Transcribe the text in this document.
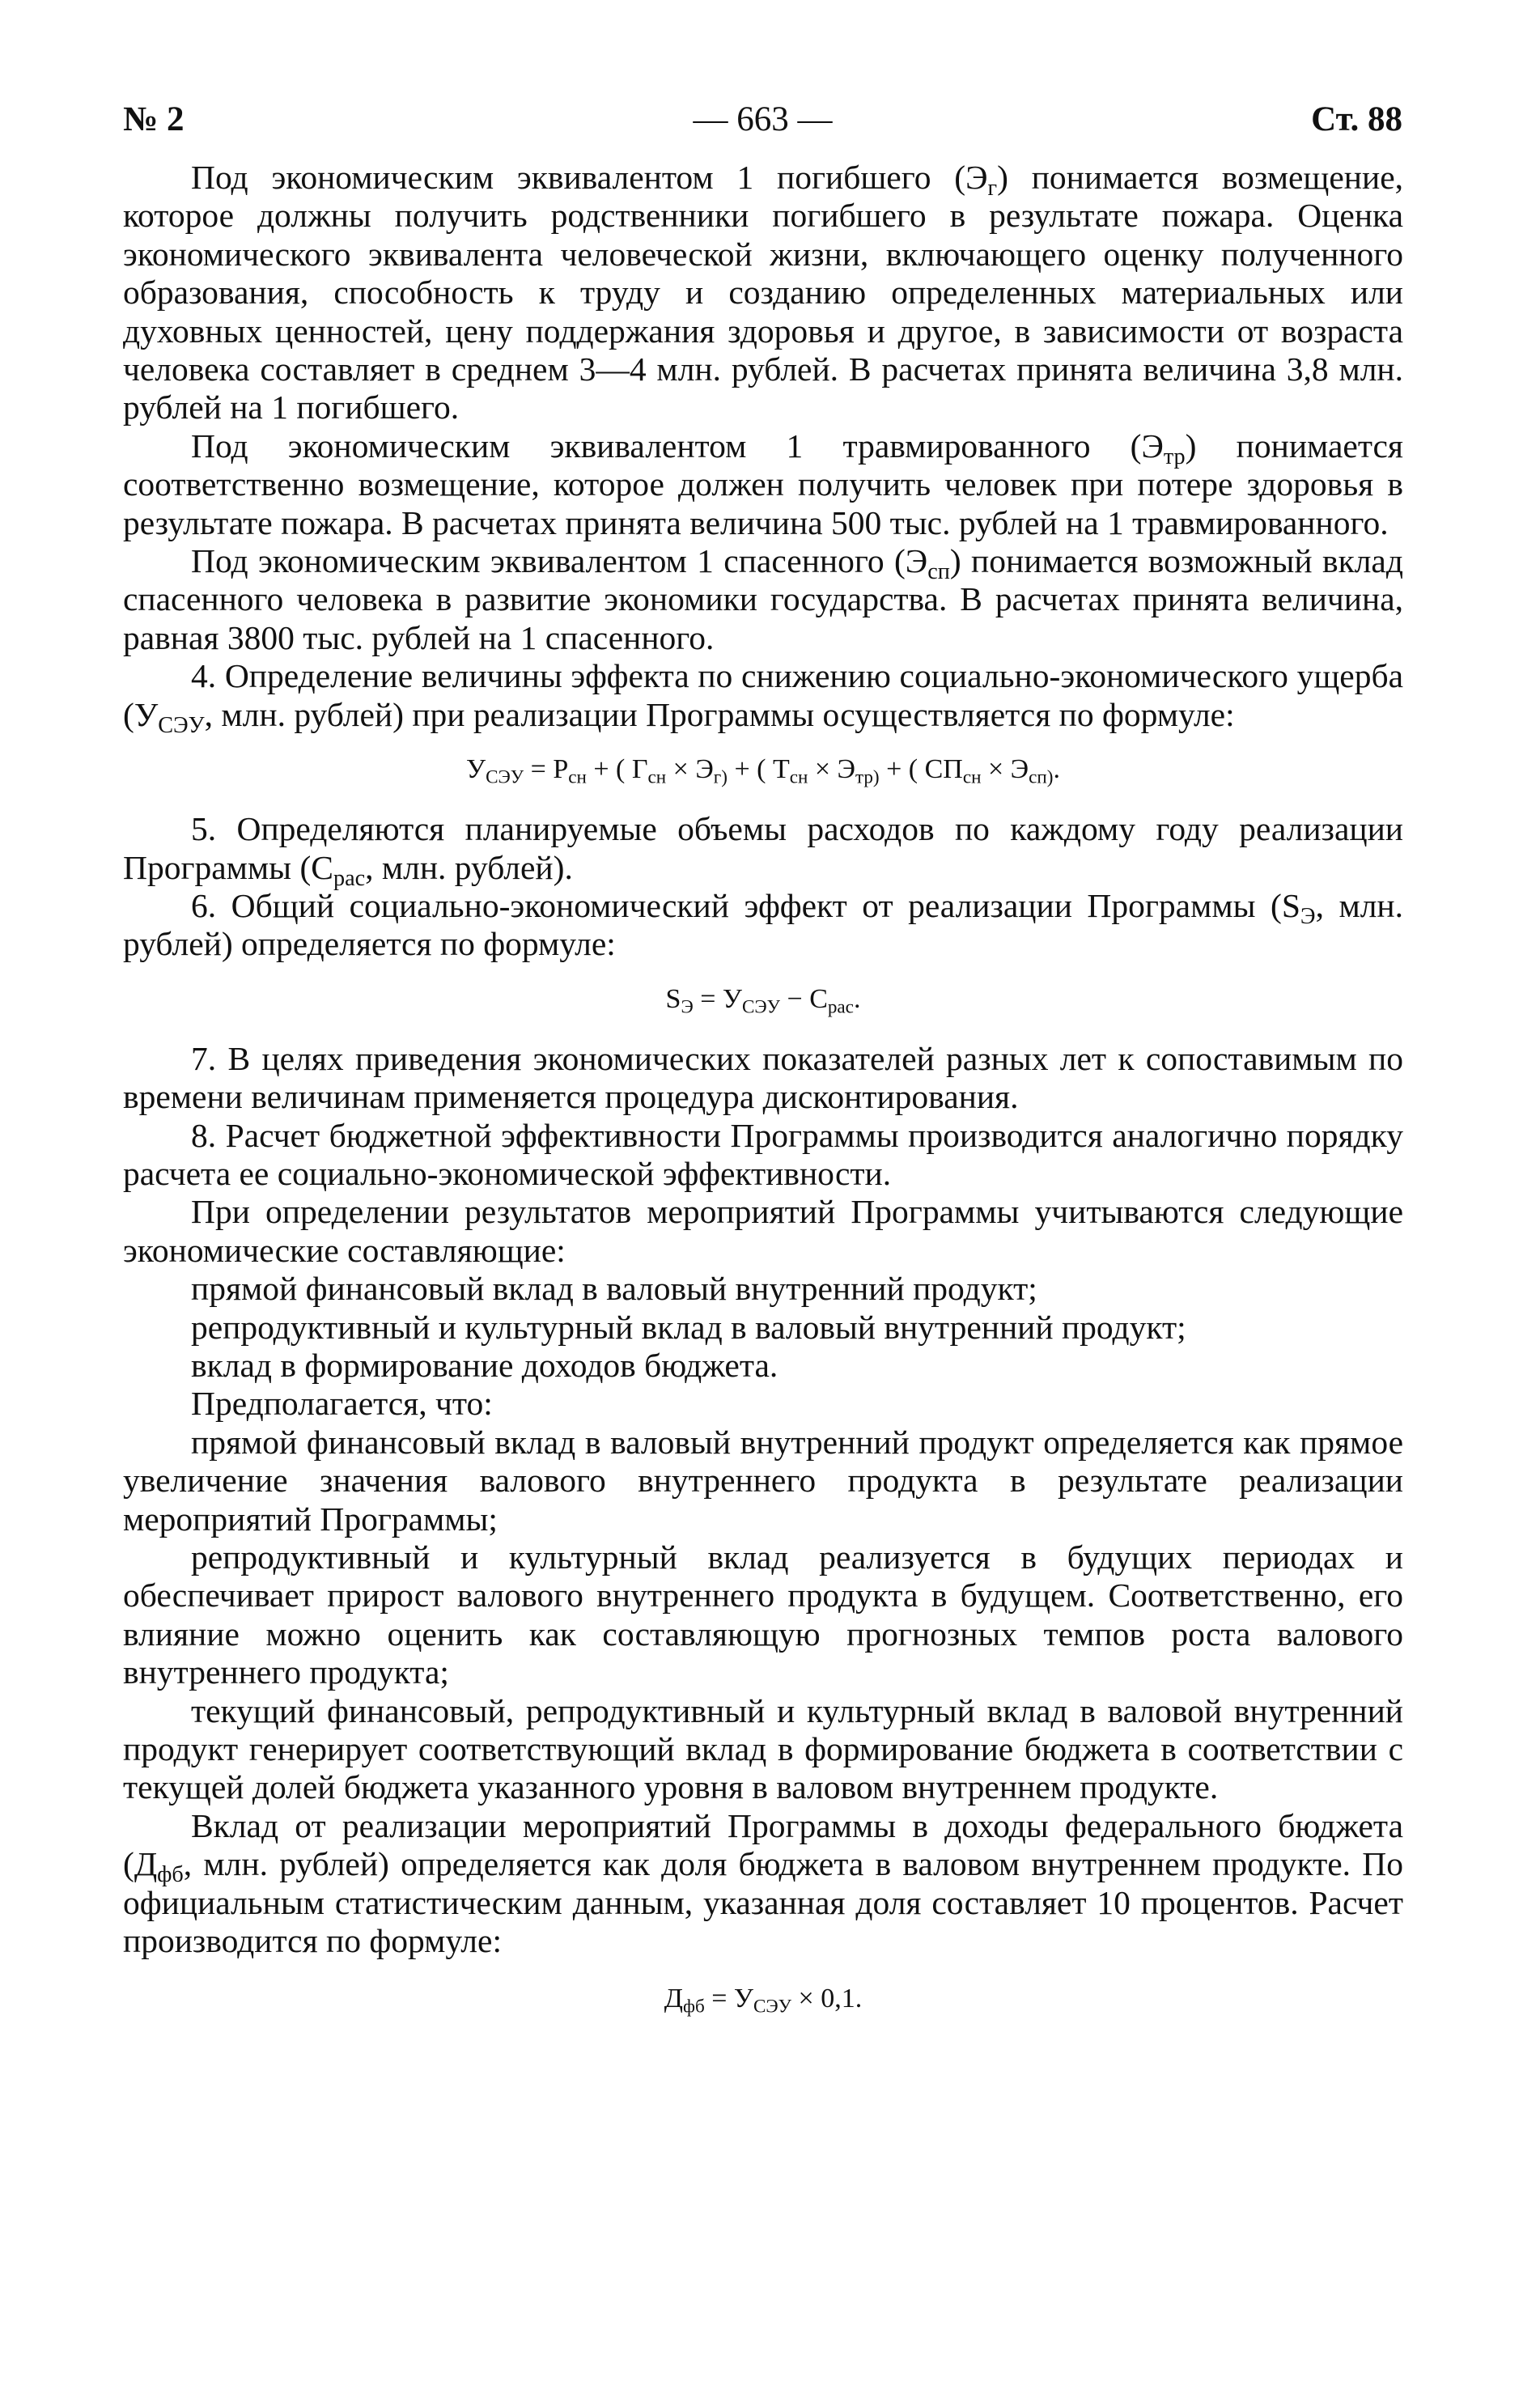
№ 2	— 663 —	Ст. 88

Под экономическим эквивалентом 1 погибшего $(Э_г)$ понимается возмещение, которое должны получить родственники погибшего в результате пожара. Оценка экономического эквивалента человеческой жизни, включающего оценку полученного образования, способность к труду и созданию определенных материальных или духовных ценностей, цену поддержания здоровья и другое, в зависимости от возраста человека составляет в среднем 3—4 млн. рублей. В расчетах принята величина 3,8 млн. рублей на 1 погибшего.

Под экономическим эквивалентом 1 травмированного $(Э_{тр})$ понимается соответственно возмещение, которое должен получить человек при потере здоровья в результате пожара. В расчетах принята величина 500 тыс. рублей на 1 травмированного.

Под экономическим эквивалентом 1 спасенного $(Э_{сп})$ понимается возможный вклад спасенного человека в развитие экономики государства. В расчетах принята величина, равная 3800 тыс. рублей на 1 спасенного.

4. Определение величины эффекта по снижению социально-экономического ущерба ($У_{СЭУ}$, млн. рублей) при реализации Программы осуществляется по формуле:

$У_{СЭУ} = Р_{сн}$ + ( $Г_{сн} \times Э_{г)}$ + ( $Т_{сн} \times Э_{тр)}$ + ( $СП_{сн} \times Э_{сп)}$.

5. Определяются планируемые объемы расходов по каждому году реализации Программы ($С_{рас}$, млн. рублей).

6. Общий социально-экономический эффект от реализации Программы ($S_Э$, млн. рублей) определяется по формуле:

$S_Э = У_{СЭУ} - С_{рас}$.

7. В целях приведения экономических показателей разных лет к сопоставимым по времени величинам применяется процедура дисконтирования.

8. Расчет бюджетной эффективности Программы производится аналогично порядку расчета ее социально-экономической эффективности.

При определении результатов мероприятий Программы учитываются следующие экономические составляющие:

прямой финансовый вклад в валовый внутренний продукт;

репродуктивный и культурный вклад в валовый внутренний продукт;

вклад в формирование доходов бюджета.

Предполагается, что:

прямой финансовый вклад в валовый внутренний продукт определяется как прямое увеличение значения валового внутреннего продукта в результате реализации мероприятий Программы;

репродуктивный и культурный вклад реализуется в будущих периодах и обеспечивает прирост валового внутреннего продукта в будущем. Соответственно, его влияние можно оценить как составляющую прогнозных темпов роста валового внутреннего продукта;

текущий финансовый, репродуктивный и культурный вклад в валовой внутренний продукт генерирует соответствующий вклад в формирование бюджета в соответствии с текущей долей бюджета указанного уровня в валовом внутреннем продукте.

Вклад от реализации мероприятий Программы в доходы федерального бюджета ($Д_{фб}$, млн. рублей) определяется как доля бюджета в валовом внутреннем продукте. По официальным статистическим данным, указанная доля составляет 10 процентов. Расчет производится по формуле:

$Д_{фб} = У_{СЭУ} \times 0,1$.
